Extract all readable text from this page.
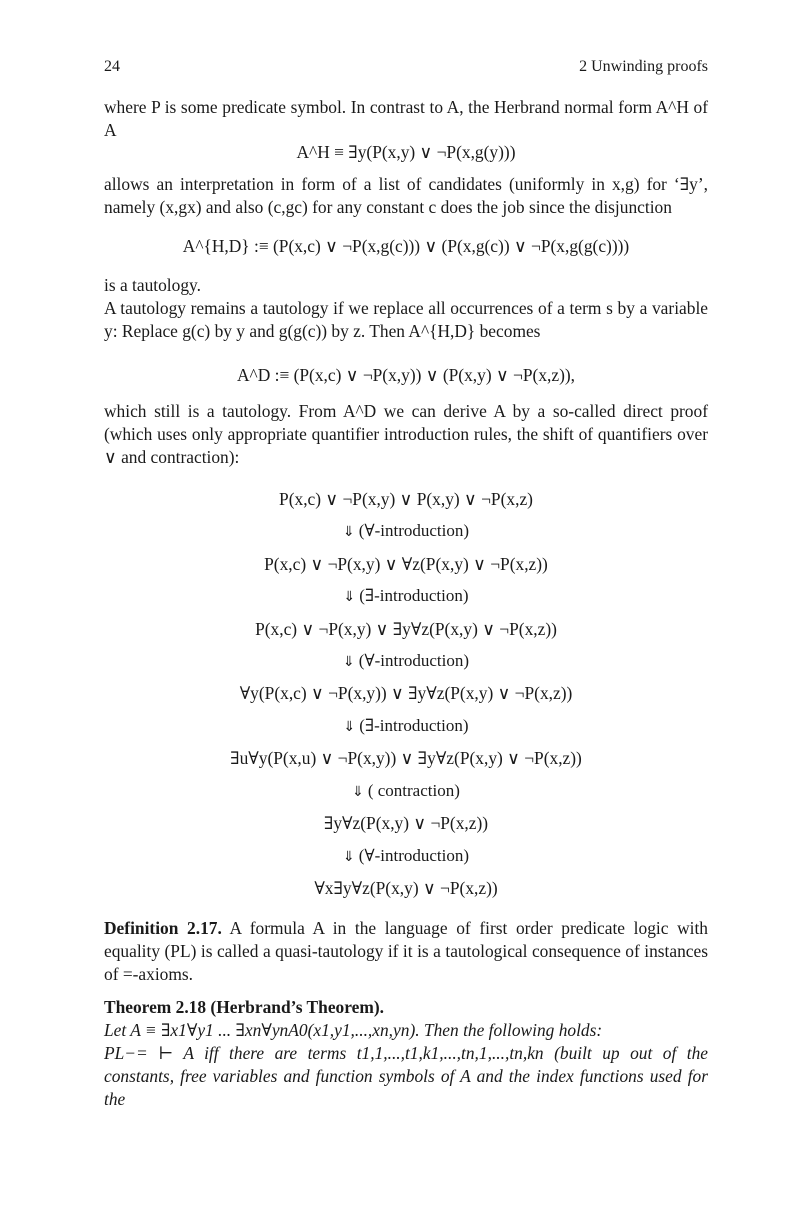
24	2 Unwinding proofs
where P is some predicate symbol. In contrast to A, the Herbrand normal form A^H of A
A^H ≡ ∃y(P(x,y) ∨ ¬P(x,g(y)))
allows an interpretation in form of a list of candidates (uniformly in x,g) for ‘∃y’, namely (x,gx) and also (c,gc) for any constant c does the job since the disjunction
A^{H,D} :≡ (P(x,c) ∨ ¬P(x,g(c))) ∨ (P(x,g(c)) ∨ ¬P(x,g(g(c))))
is a tautology.
A tautology remains a tautology if we replace all occurrences of a term s by a variable y: Replace g(c) by y and g(g(c)) by z. Then A^{H,D} becomes
A^D :≡ (P(x,c) ∨ ¬P(x,y)) ∨ (P(x,y) ∨ ¬P(x,z)),
which still is a tautology. From A^D we can derive A by a so-called direct proof (which uses only appropriate quantifier introduction rules, the shift of quantifiers over ∨ and contraction):
P(x,c) ∨ ¬P(x,y) ∨ P(x,y) ∨ ¬P(x,z)
⇓ (∀-introduction)
P(x,c) ∨ ¬P(x,y) ∨ ∀z(P(x,y) ∨ ¬P(x,z))
⇓ (∃-introduction)
P(x,c) ∨ ¬P(x,y) ∨ ∃y∀z(P(x,y) ∨ ¬P(x,z))
⇓ (∀-introduction)
∀y(P(x,c) ∨ ¬P(x,y)) ∨ ∃y∀z(P(x,y) ∨ ¬P(x,z))
⇓ (∃-introduction)
∃u∀y(P(x,u) ∨ ¬P(x,y)) ∨ ∃y∀z(P(x,y) ∨ ¬P(x,z))
⇓ ( contraction)
∃y∀z(P(x,y) ∨ ¬P(x,z))
⇓ (∀-introduction)
∀x∃y∀z(P(x,y) ∨ ¬P(x,z))
Definition 2.17. A formula A in the language of first order predicate logic with equality (PL) is called a quasi-tautology if it is a tautological consequence of instances of =-axioms.
Theorem 2.18 (Herbrand’s Theorem).
Let A ≡ ∃x1∀y1 ... ∃xn∀ynA0(x1,y1,...,xn,yn). Then the following holds:
PL−= ⊢ A iff there are terms t1,1,...,t1,k1,...,tn,1,...,tn,kn (built up out of the constants, free variables and function symbols of A and the index functions used for the
